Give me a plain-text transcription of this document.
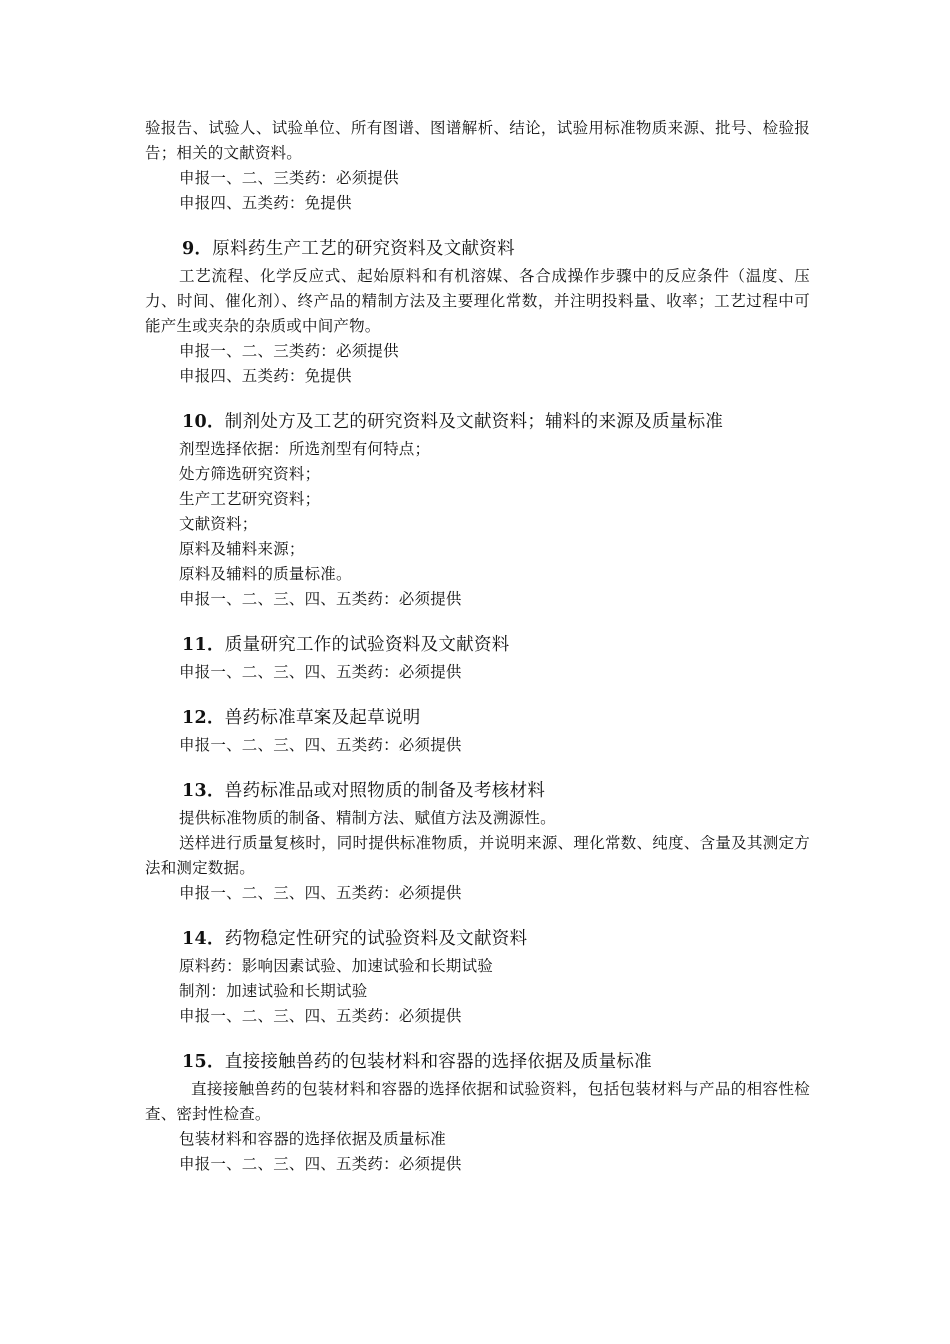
验报告、试验人、试验单位、所有图谱、图谱解析、结论，试验用标准物质来源、批号、检验报告；相关的文献资料。

申报一、二、三类药：必须提供

申报四、五类药：免提供

9．原料药生产工艺的研究资料及文献资料

工艺流程、化学反应式、起始原料和有机溶媒、各合成操作步骤中的反应条件（温度、压力、时间、催化剂）、终产品的精制方法及主要理化常数，并注明投料量、收率；工艺过程中可能产生或夹杂的杂质或中间产物。

申报一、二、三类药：必须提供

申报四、五类药：免提供

10．制剂处方及工艺的研究资料及文献资料；辅料的来源及质量标准

剂型选择依据：所选剂型有何特点；

处方筛选研究资料；

生产工艺研究资料；

文献资料；

原料及辅料来源；

原料及辅料的质量标准。

申报一、二、三、四、五类药：必须提供

11．质量研究工作的试验资料及文献资料

申报一、二、三、四、五类药：必须提供

12．兽药标准草案及起草说明

申报一、二、三、四、五类药：必须提供

13．兽药标准品或对照物质的制备及考核材料

提供标准物质的制备、精制方法、赋值方法及溯源性。

送样进行质量复核时，同时提供标准物质，并说明来源、理化常数、纯度、含量及其测定方法和测定数据。

申报一、二、三、四、五类药：必须提供

14．药物稳定性研究的试验资料及文献资料

原料药：影响因素试验、加速试验和长期试验

制剂：加速试验和长期试验

申报一、二、三、四、五类药：必须提供

15．直接接触兽药的包装材料和容器的选择依据及质量标准

直接接触兽药的包装材料和容器的选择依据和试验资料，包括包装材料与产品的相容性检查、密封性检查。

包装材料和容器的选择依据及质量标准

申报一、二、三、四、五类药：必须提供
